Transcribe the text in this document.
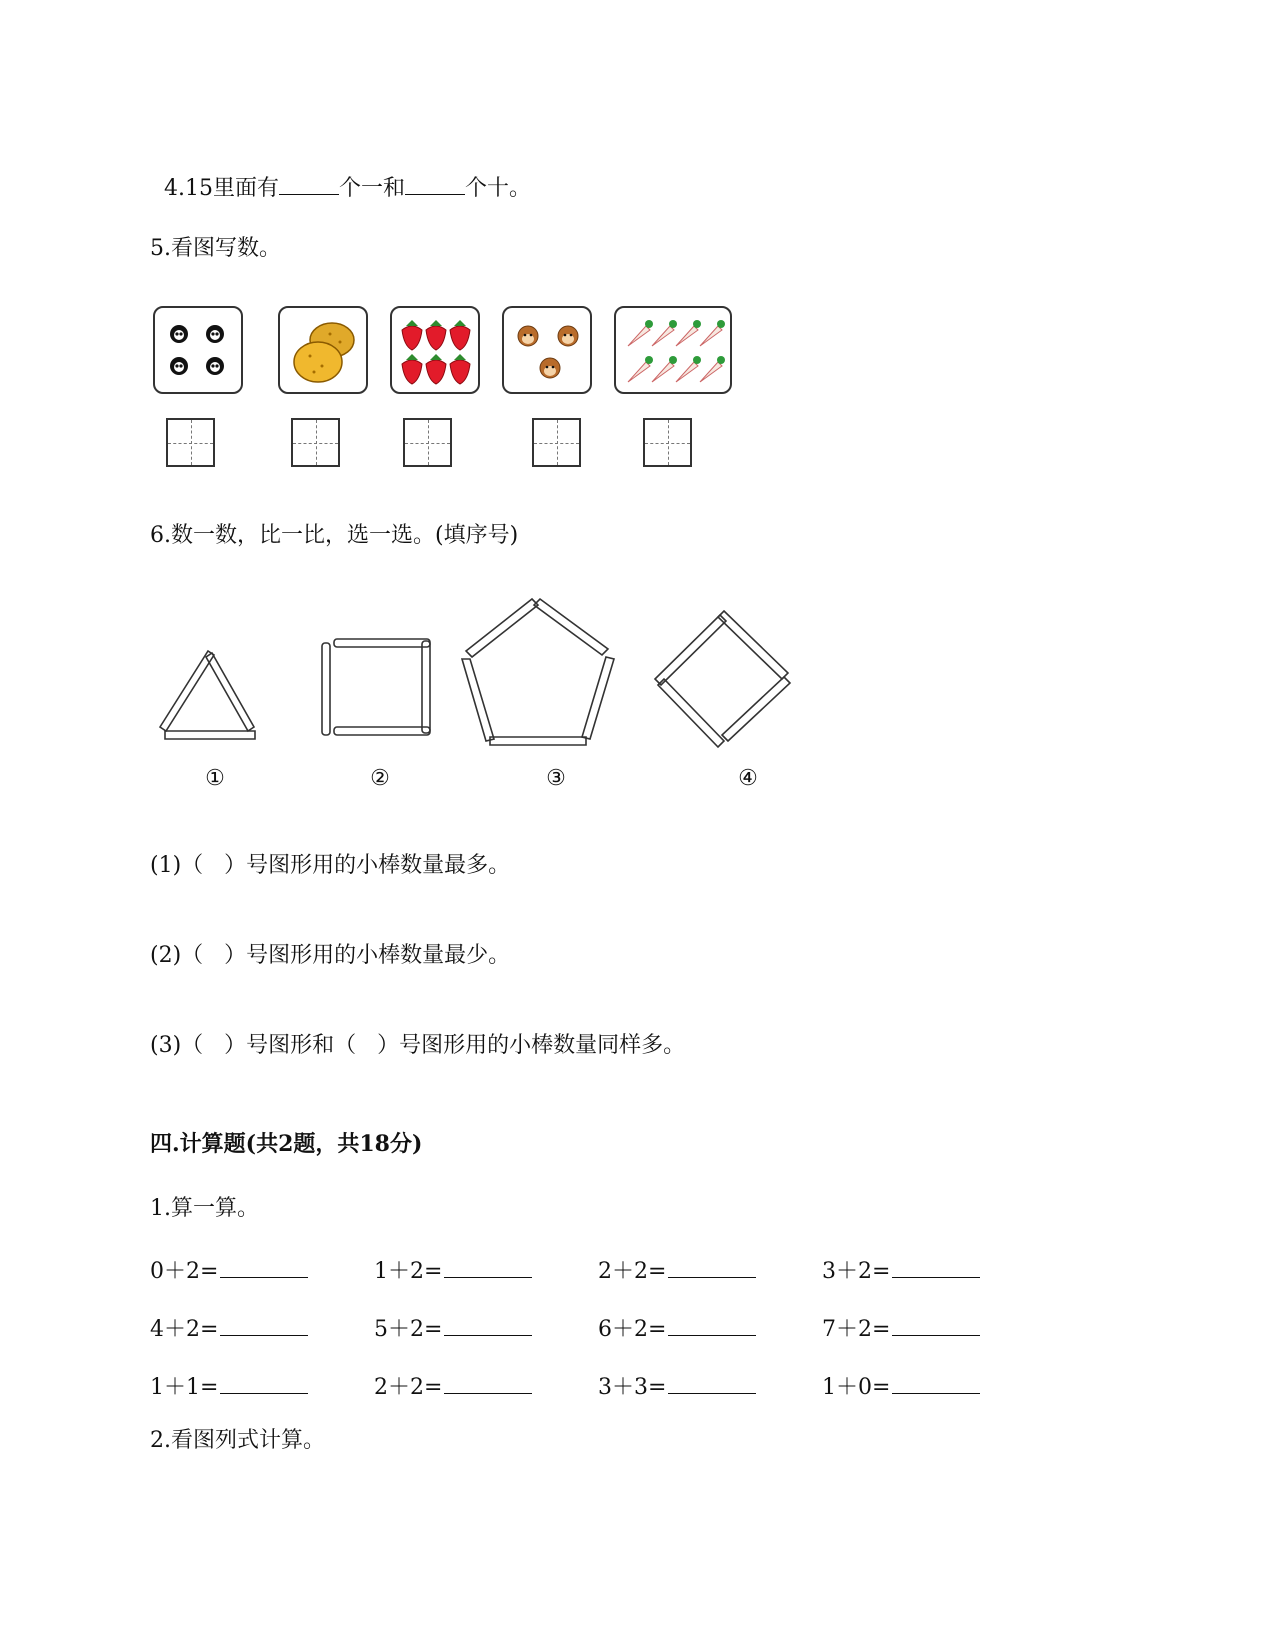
4.15里面有	个一和	个十。

5.看图写数。
6.数一数，比一比，选一选。(填序号)
①	②	③	④
(1)（   ）号图形用的小棒数量最多。
(2)（   ）号图形用的小棒数量最少。
(3)（   ）号图形和（   ）号图形用的小棒数量同样多。
四.计算题(共2题，共18分)
1.算一算。
0＋2=	1＋2=	2＋2=	3＋2=
4＋2=	5＋2=	6＋2=	7＋2=
1＋1=	2＋2=	3＋3=	1＋0=
2.看图列式计算。
